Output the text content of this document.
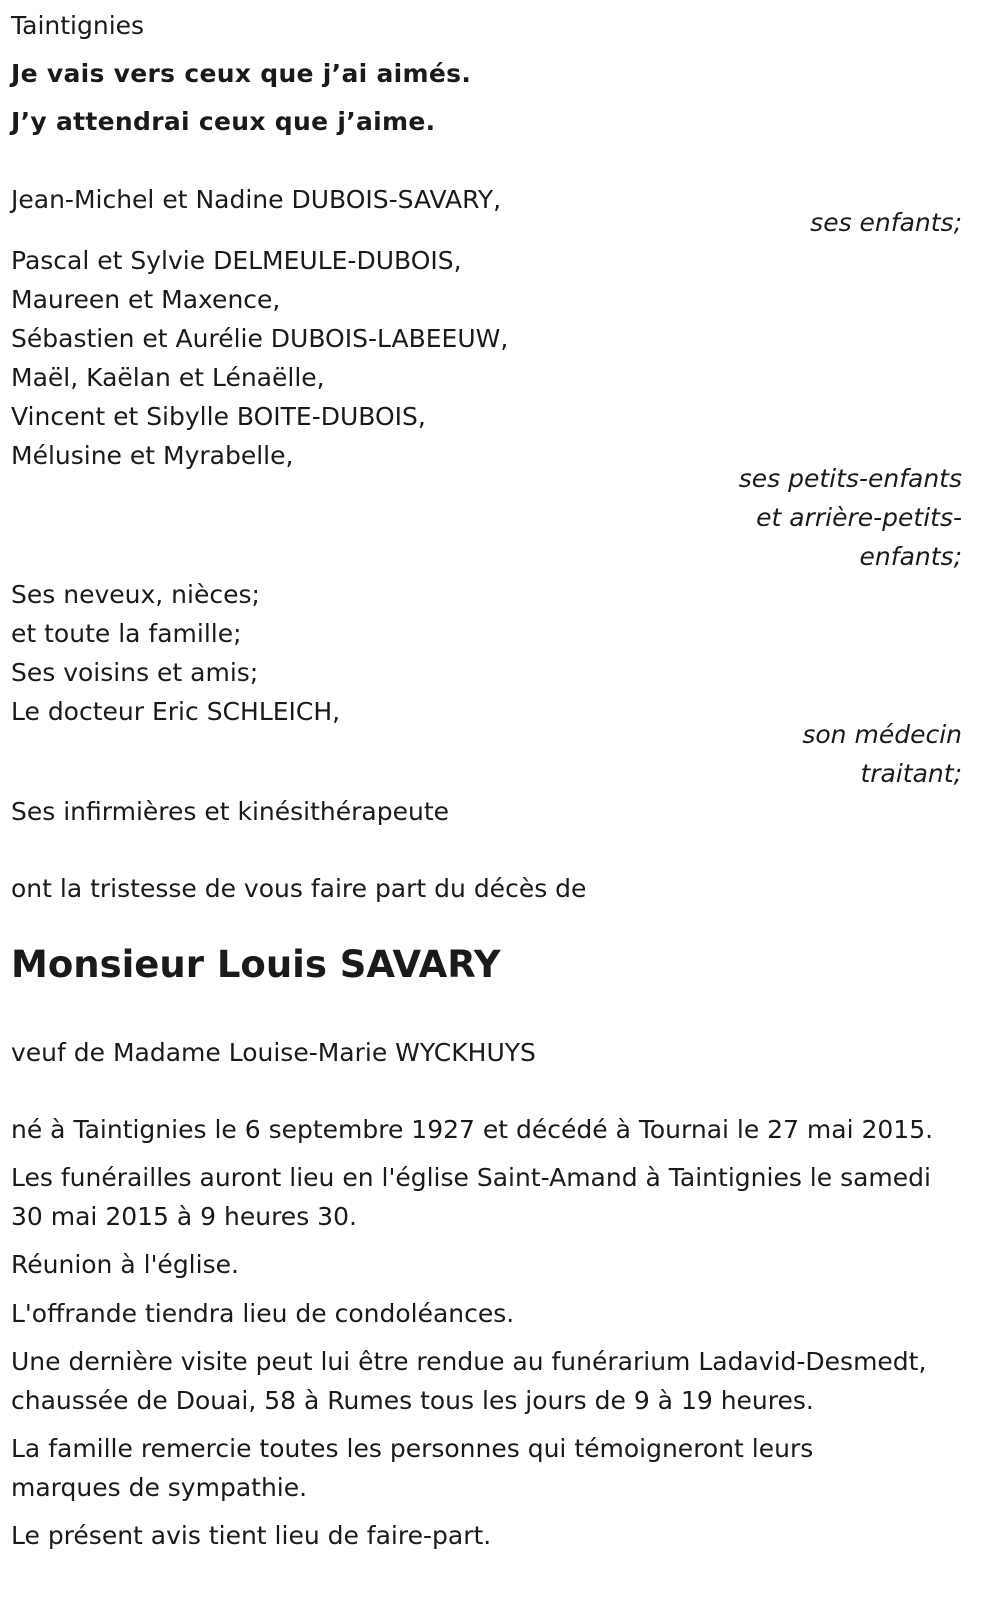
Taintignies
Je vais vers ceux que j’ai aimés.
J’y attendrai ceux que j’aime.
Jean-Michel et Nadine DUBOIS-SAVARY,
ses enfants;
Pascal et Sylvie DELMEULE-DUBOIS,
Maureen et Maxence,
Sébastien et Aurélie DUBOIS-LABEEUW,
Maël, Kaëlan et Lénaëlle,
Vincent et Sibylle BOITE-DUBOIS,
Mélusine et Myrabelle,
ses petits-enfants
et arrière-petits-
enfants;
Ses neveux, nièces;
et toute la famille;
Ses voisins et amis;
Le docteur Eric SCHLEICH,
son médecin
traitant;
Ses infirmières et kinésithérapeute
ont la tristesse de vous faire part du décès de
Monsieur Louis SAVARY
veuf de Madame Louise-Marie WYCKHUYS
né à Taintignies le 6 septembre 1927 et décédé à Tournai le 27 mai 2015.
Les funérailles auront lieu en l'église Saint-Amand à Taintignies le samedi
30 mai 2015 à 9 heures 30.
Réunion à l'église.
L'offrande tiendra lieu de condoléances.
Une dernière visite peut lui être rendue au funérarium Ladavid-Desmedt,
chaussée de Douai, 58 à Rumes tous les jours de 9 à 19 heures.
La famille remercie toutes les personnes qui témoigneront leurs
marques de sympathie.
Le présent avis tient lieu de faire-part.
